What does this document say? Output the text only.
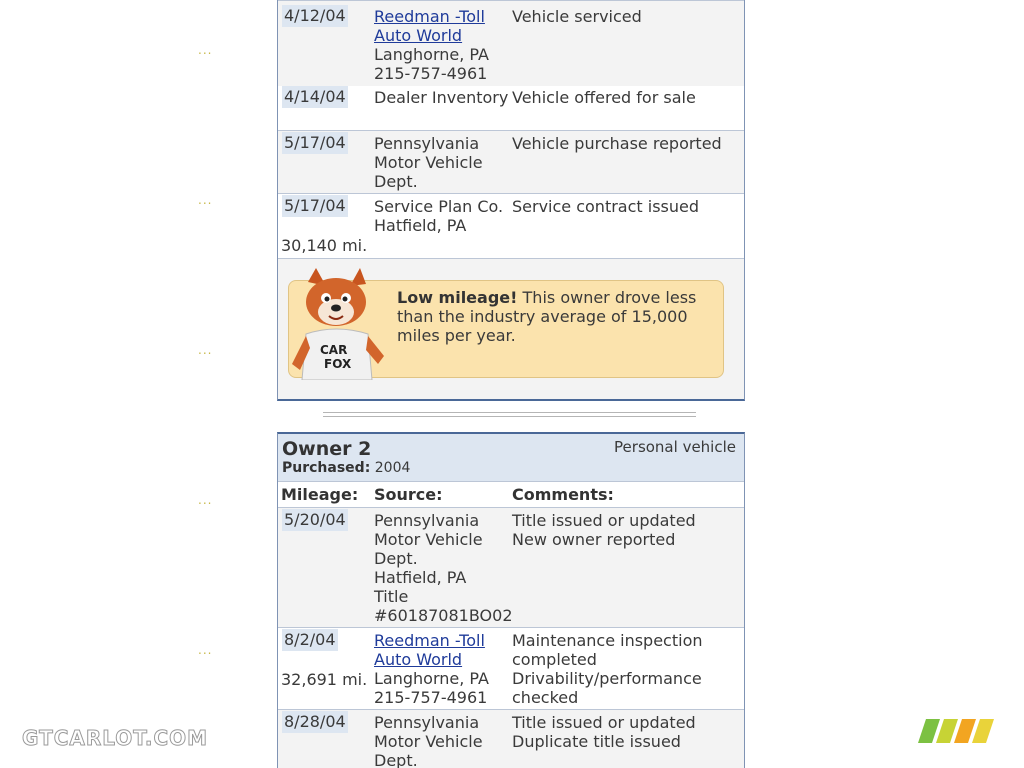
...
...
...
...
...
4/12/04 Reedman -Toll
Auto World
Langhorne, PA
215-757-4961
Vehicle serviced
4/14/04 Dealer Inventory Vehicle offered for sale
5/17/04 Pennsylvania
Motor Vehicle
Dept.
Vehicle purchase reported
5/17/04
30,140 mi.
Service Plan Co.
Hatfield, PA
Service contract issued
Low mileage! This owner drove less than the industry average of 15,000 miles per year.
CAR
FOX
Owner 2
Purchased: 2004
Personal vehicle
Mileage: Source:	Comments:
5/20/04 Pennsylvania
Motor Vehicle
Dept.
Hatfield, PA
Title
#60187081BO02
Title issued or updated
New owner reported
8/2/04
32,691 mi.
Reedman -Toll
Auto World
Langhorne, PA
215-757-4961
Maintenance inspection
completed
Drivability/performance
checked
8/28/04 Pennsylvania
Motor Vehicle
Dept.
Title issued or updated
Duplicate title issued
GTCARLOT.COM
